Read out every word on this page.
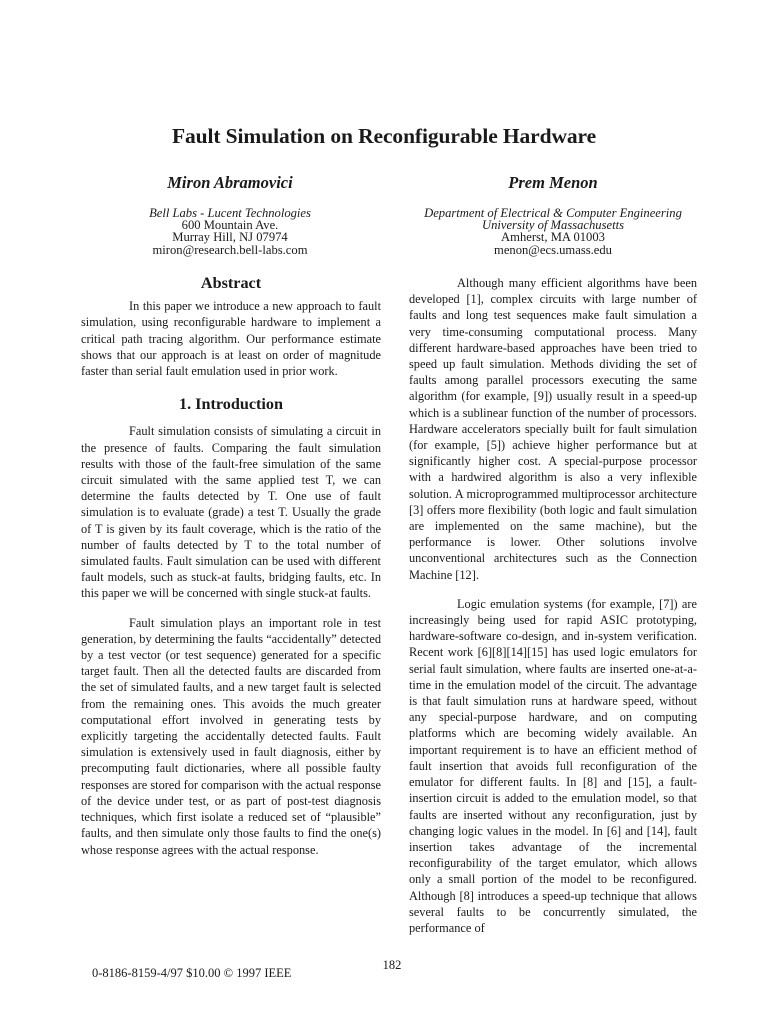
Fault Simulation on Reconfigurable Hardware
Miron Abramovici
Bell Labs - Lucent Technologies
600 Mountain Ave.
Murray Hill, NJ 07974
miron@research.bell-labs.com
Prem Menon
Department of Electrical & Computer Engineering
University of Massachusetts
Amherst, MA 01003
menon@ecs.umass.edu
Abstract

In this paper we introduce a new approach to fault simulation, using reconfigurable hardware to implement a critical path tracing algorithm. Our performance estimate shows that our approach is at least on order of magnitude faster than serial fault emulation used in prior work.

1. Introduction

Fault simulation consists of simulating a circuit in the presence of faults. Comparing the fault simulation results with those of the fault-free simulation of the same circuit simulated with the same applied test T, we can determine the faults detected by T. One use of fault simulation is to evaluate (grade) a test T. Usually the grade of T is given by its fault coverage, which is the ratio of the number of faults detected by T to the total number of simulated faults. Fault simulation can be used with different fault models, such as stuck-at faults, bridging faults, etc. In this paper we will be concerned with single stuck-at faults.

Fault simulation plays an important role in test generation, by determining the faults “accidentally” detected by a test vector (or test sequence) generated for a specific target fault. Then all the detected faults are discarded from the set of simulated faults, and a new target fault is selected from the remaining ones. This avoids the much greater computational effort involved in generating tests by explicitly targeting the accidentally detected faults. Fault simulation is extensively used in fault diagnosis, either by precomputing fault dictionaries, where all possible faulty responses are stored for comparison with the actual response of the device under test, or as part of post-test diagnosis techniques, which first isolate a reduced set of “plausible” faults, and then simulate only those faults to find the one(s) whose response agrees with the actual response.

Although many efficient algorithms have been developed [1], complex circuits with large number of faults and long test sequences make fault simulation a very time-consuming computational process. Many different hardware-based approaches have been tried to speed up fault simulation. Methods dividing the set of faults among parallel processors executing the same algorithm (for example, [9]) usually result in a speed-up which is a sublinear function of the number of processors. Hardware accelerators specially built for fault simulation (for example, [5]) achieve higher performance but at significantly higher cost. A special-purpose processor with a hardwired algorithm is also a very inflexible solution. A microprogrammed multiprocessor architecture [3] offers more flexibility (both logic and fault simulation are implemented on the same machine), but the performance is lower. Other solutions involve unconventional architectures such as the Connection Machine [12].

Logic emulation systems (for example, [7]) are increasingly being used for rapid ASIC prototyping, hardware-software co-design, and in-system verification. Recent work [6][8][14][15] has used logic emulators for serial fault simulation, where faults are inserted one-at-a-time in the emulation model of the circuit. The advantage is that fault simulation runs at hardware speed, without any special-purpose hardware, and on computing platforms which are becoming widely available. An important requirement is to have an efficient method of fault insertion that avoids full reconfiguration of the emulator for different faults. In [8] and [15], a fault-insertion circuit is added to the emulation model, so that faults are inserted without any reconfiguration, just by changing logic values in the model. In [6] and [14], fault insertion takes advantage of the incremental reconfigurability of the target emulator, which allows only a small portion of the model to be reconfigured. Although [8] introduces a speed-up technique that allows several faults to be concurrently simulated, the performance of

182
0-8186-8159-4/97 $10.00 © 1997 IEEE
